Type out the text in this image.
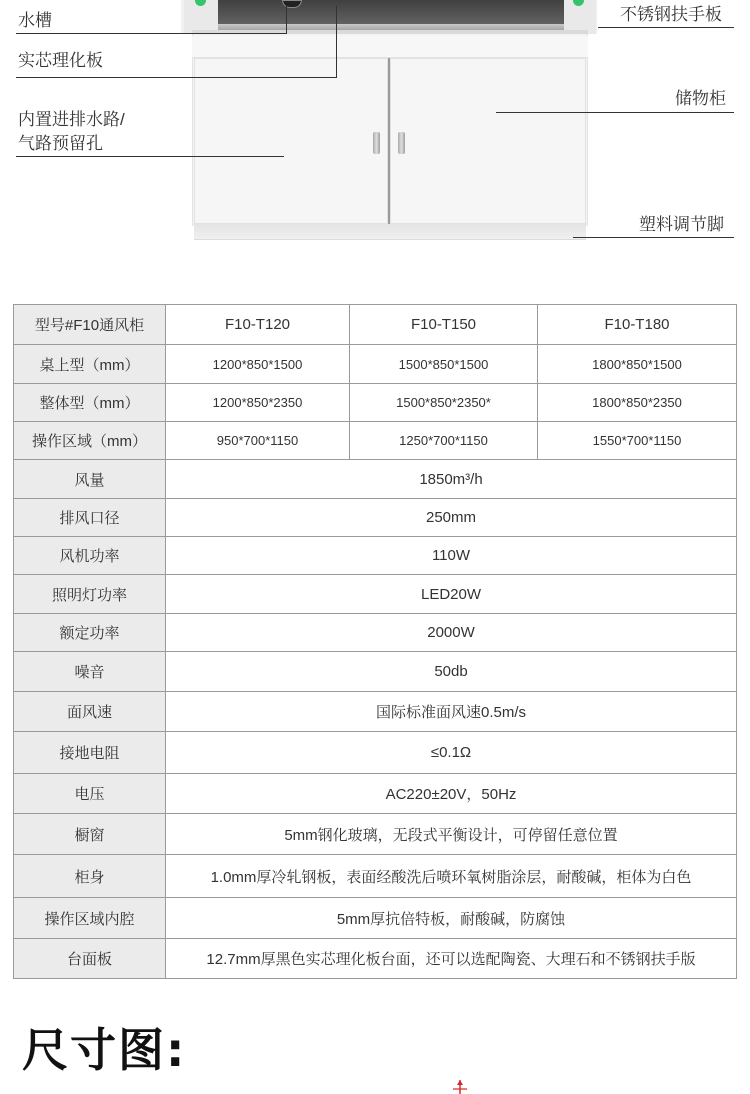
水槽
实芯理化板
内置进排水路/
气路预留孔
不锈钢扶手板
储物柜
塑料调节脚
型号#F10通风柜	F10-T120	F10-T150	F10-T180
桌上型（mm）	1200*850*1500	1500*850*1500	1800*850*1500
整体型（mm）	1200*850*2350	1500*850*2350*	1800*850*2350
操作区域（mm）	950*700*1150	1250*700*1150	1550*700*1150
风量	1850m³/h		
排风口径	250mm		
风机功率	110W		
照明灯功率	LED20W		
额定功率	2000W		
噪音	50db		
面风速	国际标准面风速0.5m/s		
接地电阻	≤0.1Ω		
电压	AC220±20V，50Hz		
橱窗	5mm钢化玻璃，无段式平衡设计，可停留任意位置		
柜身	1.0mm厚冷轧钢板，表面经酸洗后喷环氧树脂涂层，耐酸碱，柜体为白色		
操作区域内腔	5mm厚抗倍特板，耐酸碱，防腐蚀		
台面板	12.7mm厚黑色实芯理化板台面，还可以选配陶瓷、大理石和不锈钢扶手版		
尺寸图:
